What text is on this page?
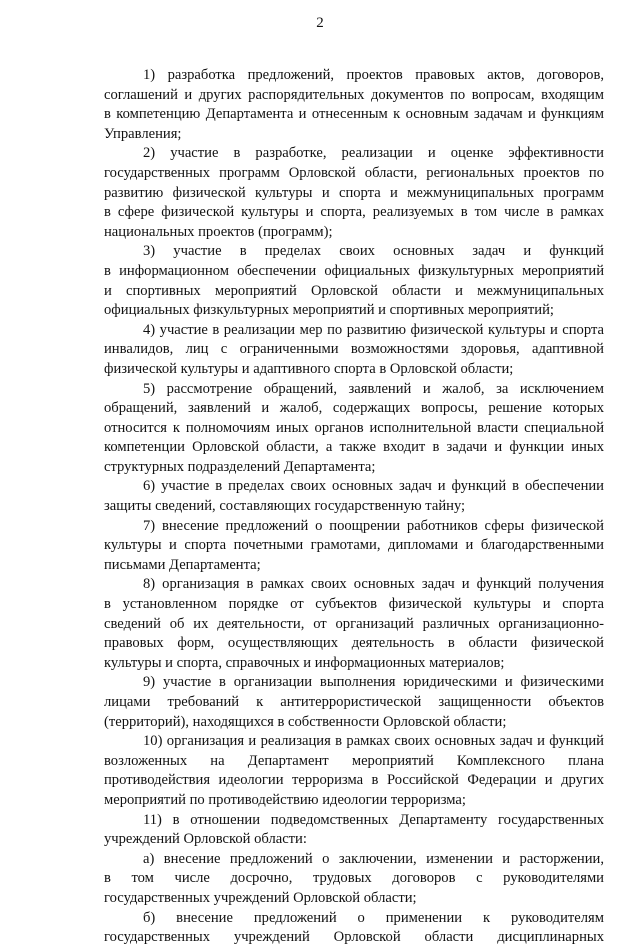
2
1) разработка предложений, проектов правовых актов, договоров,
соглашений и других распорядительных документов по вопросам, входящим
в компетенцию Департамента и отнесенным к основным задачам и функциям
Управления;
2) участие в разработке, реализации и оценке эффективности
государственных программ Орловской области, региональных проектов по
развитию физической культуры и спорта и межмуниципальных программ
в сфере физической культуры и спорта, реализуемых в том числе в рамках
национальных проектов (программ);
3) участие в пределах своих основных задач и функций
в информационном обеспечении официальных физкультурных мероприятий
и спортивных мероприятий Орловской области и межмуниципальных
официальных физкультурных мероприятий и спортивных мероприятий;
4) участие в реализации мер по развитию физической культуры и спорта
инвалидов, лиц с ограниченными возможностями здоровья, адаптивной
физической культуры и адаптивного спорта в Орловской области;
5) рассмотрение обращений, заявлений и жалоб, за исключением
обращений, заявлений и жалоб, содержащих вопросы, решение которых
относится к полномочиям иных органов исполнительной власти специальной
компетенции Орловской области, а также входит в задачи и функции иных
структурных подразделений Департамента;
6) участие в пределах своих основных задач и функций в обеспечении
защиты сведений, составляющих государственную тайну;
7) внесение предложений о поощрении работников сферы физической
культуры и спорта почетными грамотами, дипломами и благодарственными
письмами Департамента;
8) организация в рамках своих основных задач и функций получения
в установленном порядке от субъектов физической культуры и спорта
сведений об их деятельности, от организаций различных организационно-
правовых форм, осуществляющих деятельность в области физической
культуры и спорта, справочных и информационных материалов;
9) участие в организации выполнения юридическими и физическими
лицами требований к антитеррористической защищенности объектов
(территорий), находящихся в собственности Орловской области;
10) организация и реализация в рамках своих основных задач и функций
возложенных на Департамент мероприятий Комплексного плана
противодействия идеологии терроризма в Российской Федерации и других
мероприятий по противодействию идеологии терроризма;
11) в отношении подведомственных Департаменту государственных
учреждений Орловской области:
а) внесение предложений о заключении, изменении и расторжении,
в том числе досрочно, трудовых договоров с руководителями
государственных учреждений Орловской области;
б) внесение предложений о применении к руководителям
государственных учреждений Орловской области дисциплинарных
